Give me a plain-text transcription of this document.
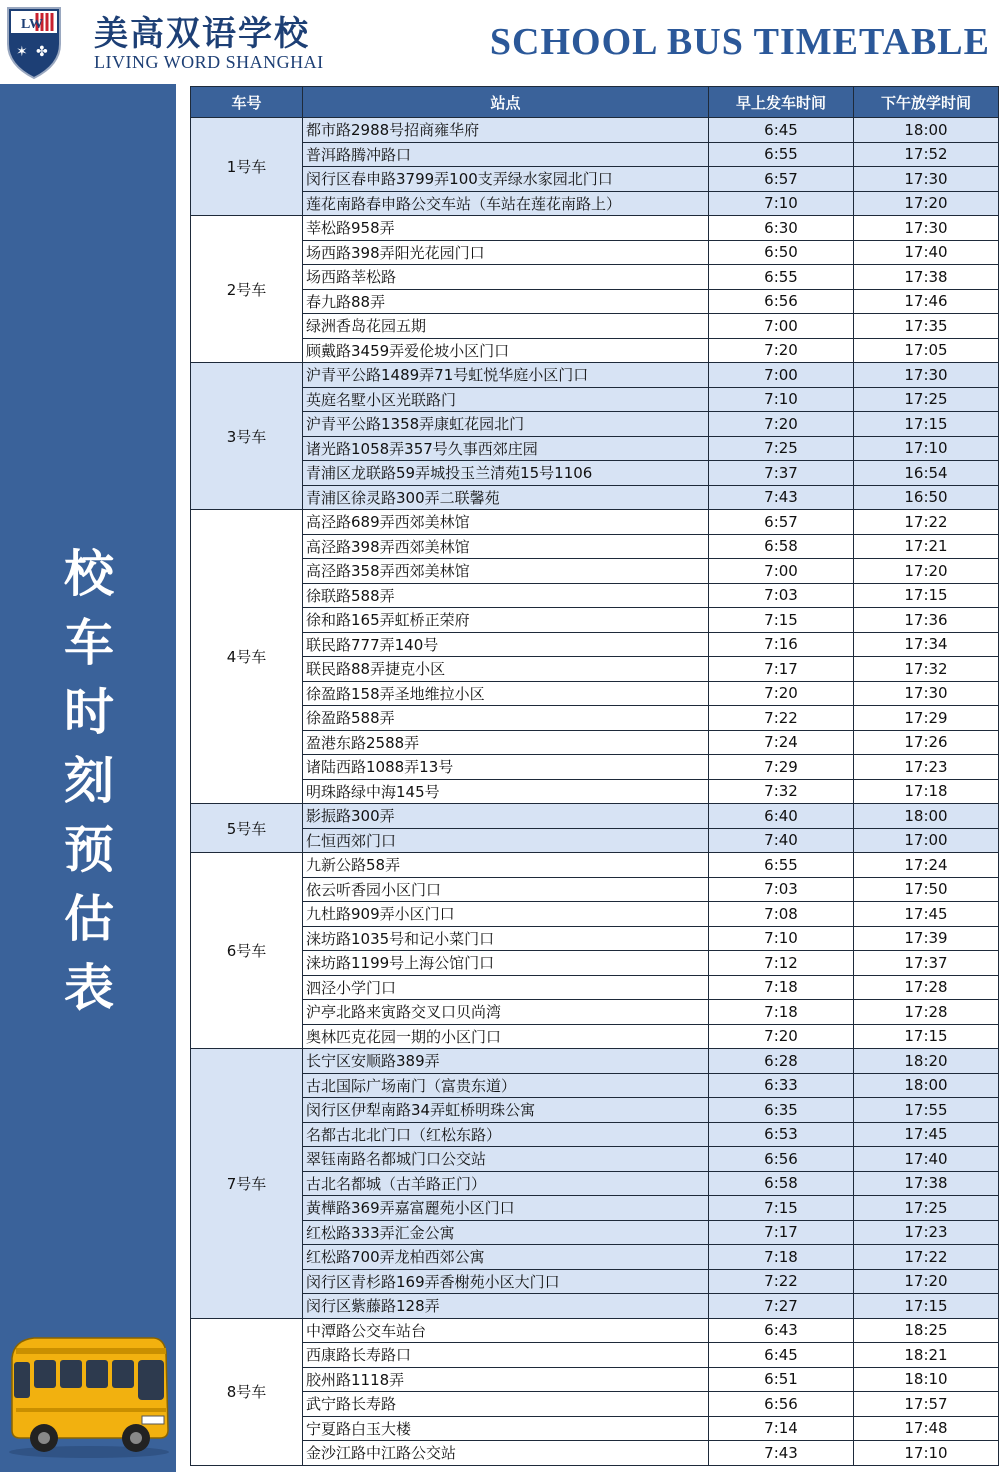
LW
✶ ✤ 美高双语学校
LIVING WORD SHANGHAI	SCHOOL BUS TIMETABLE
校
车
时
刻
预
估
表
车号	站点	早上发车时间	下午放学时间
1号车	都市路2988号招商雍华府	6:45	18:00
	普洱路腾冲路口	6:55	17:52
	闵行区春申路3799弄100支弄绿水家园北门口	6:57	17:30
	莲花南路春申路公交车站（车站在莲花南路上）	7:10	17:20
2号车	莘松路958弄	6:30	17:30
	场西路398弄阳光花园门口	6:50	17:40
	场西路莘松路	6:55	17:38
	春九路88弄	6:56	17:46
	绿洲香岛花园五期	7:00	17:35
	顾戴路3459弄爱伦坡小区门口	7:20	17:05
3号车	沪青平公路1489弄71号虹悦华庭小区门口	7:00	17:30
	英庭名墅小区光联路门	7:10	17:25
	沪青平公路1358弄康虹花园北门	7:20	17:15
	诸光路1058弄357号久事西郊庄园	7:25	17:10
	青浦区龙联路59弄城投玉兰清苑15号1106	7:37	16:54
	青浦区徐灵路300弄二联馨苑	7:43	16:50
4号车	高泾路689弄西郊美林馆	6:57	17:22
	高泾路398弄西郊美林馆	6:58	17:21
	高泾路358弄西郊美林馆	7:00	17:20
	徐联路588弄	7:03	17:15
	徐和路165弄虹桥正荣府	7:15	17:36
	联民路777弄140号	7:16	17:34
	联民路88弄捷克小区	7:17	17:32
	徐盈路158弄圣地维拉小区	7:20	17:30
	徐盈路588弄	7:22	17:29
	盈港东路2588弄	7:24	17:26
	诸陆西路1088弄13号	7:29	17:23
	明珠路绿中海145号	7:32	17:18
5号车	影振路300弄	6:40	18:00
	仁恒西郊门口	7:40	17:00
6号车	九新公路58弄	6:55	17:24
	依云听香园小区门口	7:03	17:50
	九杜路909弄小区门口	7:08	17:45
	涞坊路1035号和记小菜门口	7:10	17:39
	涞坊路1199号上海公馆门口	7:12	17:37
	泗泾小学门口	7:18	17:28
	沪亭北路来寅路交叉口贝尚湾	7:18	17:28
	奥林匹克花园一期的小区门口	7:20	17:15
7号车	长宁区安顺路389弄	6:28	18:20
	古北国际广场南门（富贵东道）	6:33	18:00
	闵行区伊犁南路34弄虹桥明珠公寓	6:35	17:55
	名都古北北门口（红松东路）	6:53	17:45
	翠钰南路名都城门口公交站	6:56	17:40
	古北名都城（古羊路正门）	6:58	17:38
	黃樺路369弄嘉富麗苑小区门口	7:15	17:25
	红松路333弄汇金公寓	7:17	17:23
	红松路700弄龙柏西郊公寓	7:18	17:22
	闵行区青杉路169弄香榭苑小区大门口	7:22	17:20
	闵行区紫藤路128弄	7:27	17:15
8号车	中潭路公交车站台	6:43	18:25
	西康路长寿路口	6:45	18:21
	胶州路1118弄	6:51	18:10
	武宁路长寿路	6:56	17:57
	宁夏路白玉大楼	7:14	17:48
	金沙江路中江路公交站	7:43	17:10
